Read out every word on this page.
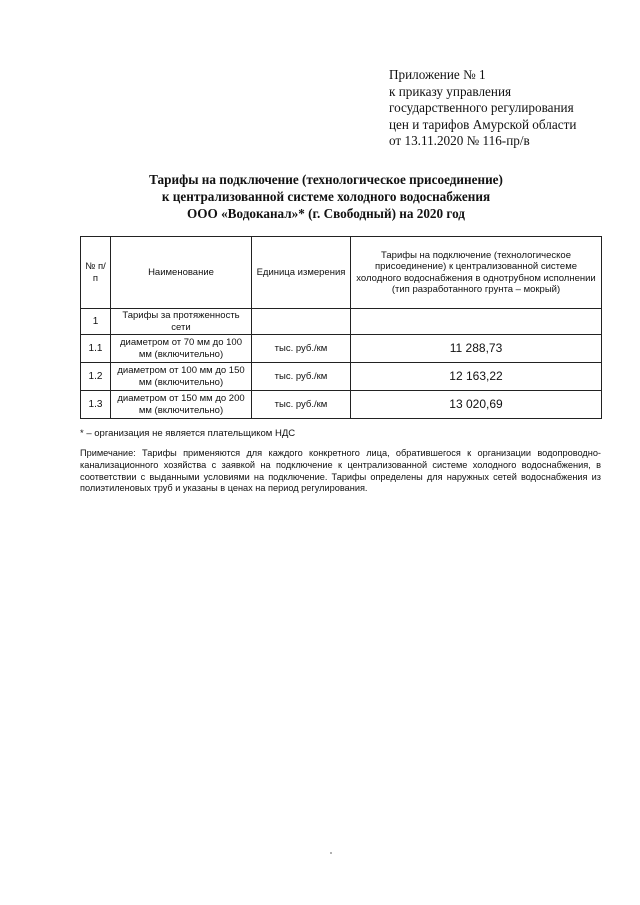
Приложение № 1
к приказу управления
государственного регулирования
цен и тарифов Амурской области
от 13.11.2020 № 116-пр/в
Тарифы на подключение (технологическое присоединение)
к централизованной системе холодного водоснабжения
ООО «Водоканал»* (г. Свободный) на 2020 год
№ п/п	Наименование	Единица измерения	Тарифы на подключение (технологическое присоединение) к централизованной системе холодного водоснабжения в однотрубном исполнении (тип разработанного грунта – мокрый)
1	Тарифы за протяженность сети		
1.1	диаметром от 70 мм до 100 мм (включительно)	тыс. руб./км	11 288,73
1.2	диаметром от 100 мм до 150 мм (включительно)	тыс. руб./км	12 163,22
1.3	диаметром от 150 мм до 200 мм (включительно)	тыс. руб./км	13 020,69
* – организация не является плательщиком НДС
Примечание: Тарифы применяются для каждого конкретного лица, обратившегося к организации водопроводно-канализационного хозяйства с заявкой на подключение к централизованной системе холодного водоснабжения, в соответствии с выданными условиями на подключение. Тарифы определены для наружных сетей водоснабжения из полиэтиленовых труб и указаны в ценах на период регулирования.
